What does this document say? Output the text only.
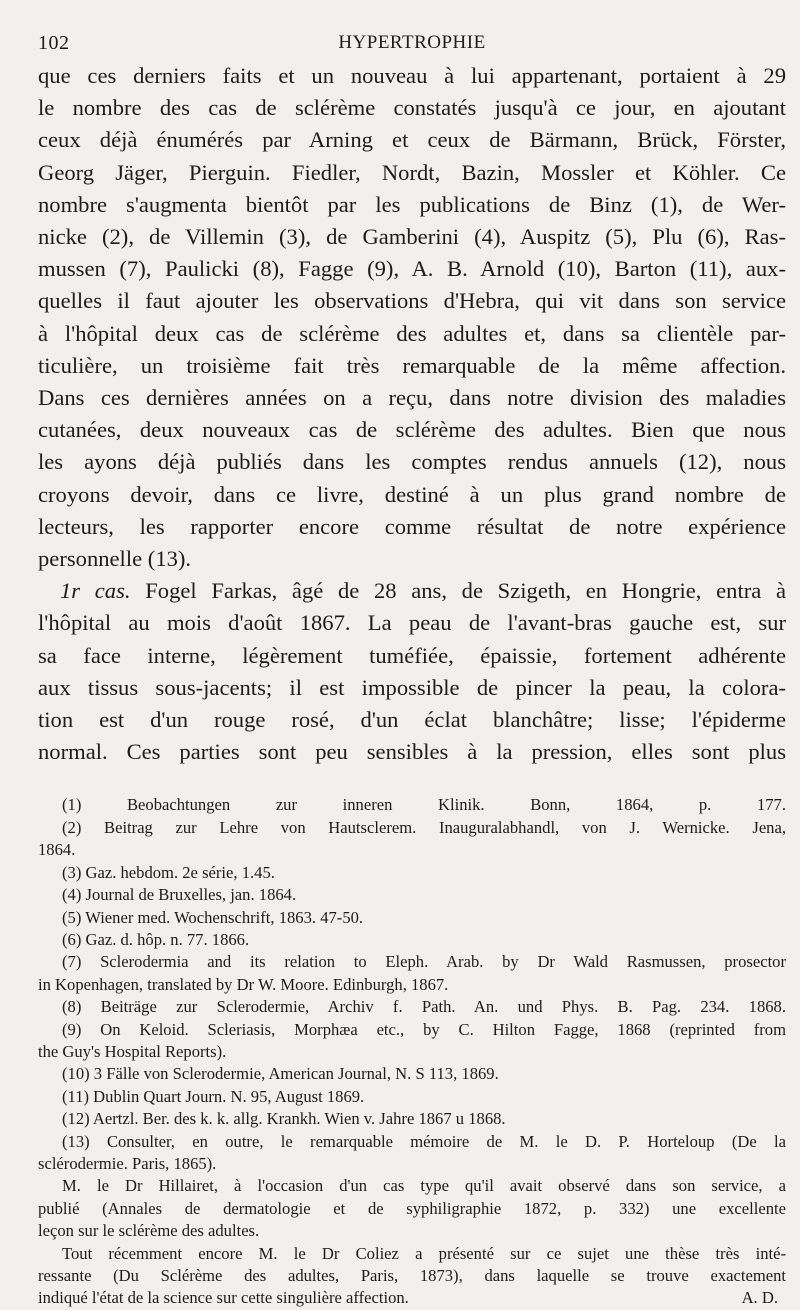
102	HYPERTROPHIE

que ces derniers faits et un nouveau à lui appartenant, portaient à 29

le nombre des cas de sclérème constatés jusqu'à ce jour, en ajoutant

ceux déjà énumérés par Arning et ceux de Bärmann, Brück, Förster,

Georg Jäger, Pierguin. Fiedler, Nordt, Bazin, Mossler et Köhler. Ce

nombre s'augmenta bientôt par les publications de Binz (1), de Wer-

nicke (2), de Villemin (3), de Gamberini (4), Auspitz (5), Plu (6), Ras-

mussen (7), Paulicki (8), Fagge (9), A. B. Arnold (10), Barton (11), aux-

quelles il faut ajouter les observations d'Hebra, qui vit dans son service

à l'hôpital deux cas de sclérème des adultes et, dans sa clientèle par-

ticulière, un troisième fait très remarquable de la même affection.

Dans ces dernières années on a reçu, dans notre division des maladies

cutanées, deux nouveaux cas de sclérème des adultes. Bien que nous

les ayons déjà publiés dans les comptes rendus annuels (12), nous

croyons devoir, dans ce livre, destiné à un plus grand nombre de

lecteurs, les rapporter encore comme résultat de notre expérience

personnelle (13).

1r cas. Fogel Farkas, âgé de 28 ans, de Szigeth, en Hongrie, entra à

l'hôpital au mois d'août 1867. La peau de l'avant-bras gauche est, sur

sa face interne, légèrement tuméfiée, épaissie, fortement adhérente

aux tissus sous-jacents; il est impossible de pincer la peau, la colora-

tion est d'un rouge rosé, d'un éclat blanchâtre; lisse; l'épiderme

normal. Ces parties sont peu sensibles à la pression, elles sont plus

(1) Beobachtungen zur inneren Klinik. Bonn, 1864, p. 177.

(2) Beitrag zur Lehre von Hautsclerem. Inauguralabhandl, von J. Wernicke. Jena,

1864.

(3) Gaz. hebdom. 2e série, 1.45.

(4) Journal de Bruxelles, jan. 1864.

(5) Wiener med. Wochenschrift, 1863. 47-50.

(6) Gaz. d. hôp. n. 77. 1866.

(7) Sclerodermia and its relation to Eleph. Arab. by Dr Wald Rasmussen, prosector

in Kopenhagen, translated by Dr W. Moore. Edinburgh, 1867.

(8) Beiträge zur Sclerodermie, Archiv f. Path. An. und Phys. B. Pag. 234. 1868.

(9) On Keloid. Scleriasis, Morphæa etc., by C. Hilton Fagge, 1868 (reprinted from

the Guy's Hospital Reports).

(10) 3 Fälle von Sclerodermie, American Journal, N. S 113, 1869.

(11) Dublin Quart Journ. N. 95, August 1869.

(12) Aertzl. Ber. des k. k. allg. Krankh. Wien v. Jahre 1867 u 1868.

(13) Consulter, en outre, le remarquable mémoire de M. le D. P. Horteloup (De la

sclérodermie. Paris, 1865).

M. le Dr Hillairet, à l'occasion d'un cas type qu'il avait observé dans son service, a

publié (Annales de dermatologie et de syphiligraphie 1872, p. 332) une excellente

leçon sur le sclérème des adultes.

Tout récemment encore M. le Dr Coliez a présenté sur ce sujet une thèse très inté-

ressante (Du Sclérème des adultes, Paris, 1873), dans laquelle se trouve exactement

indiqué l'état de la science sur cette singulière affection.	A. D.
